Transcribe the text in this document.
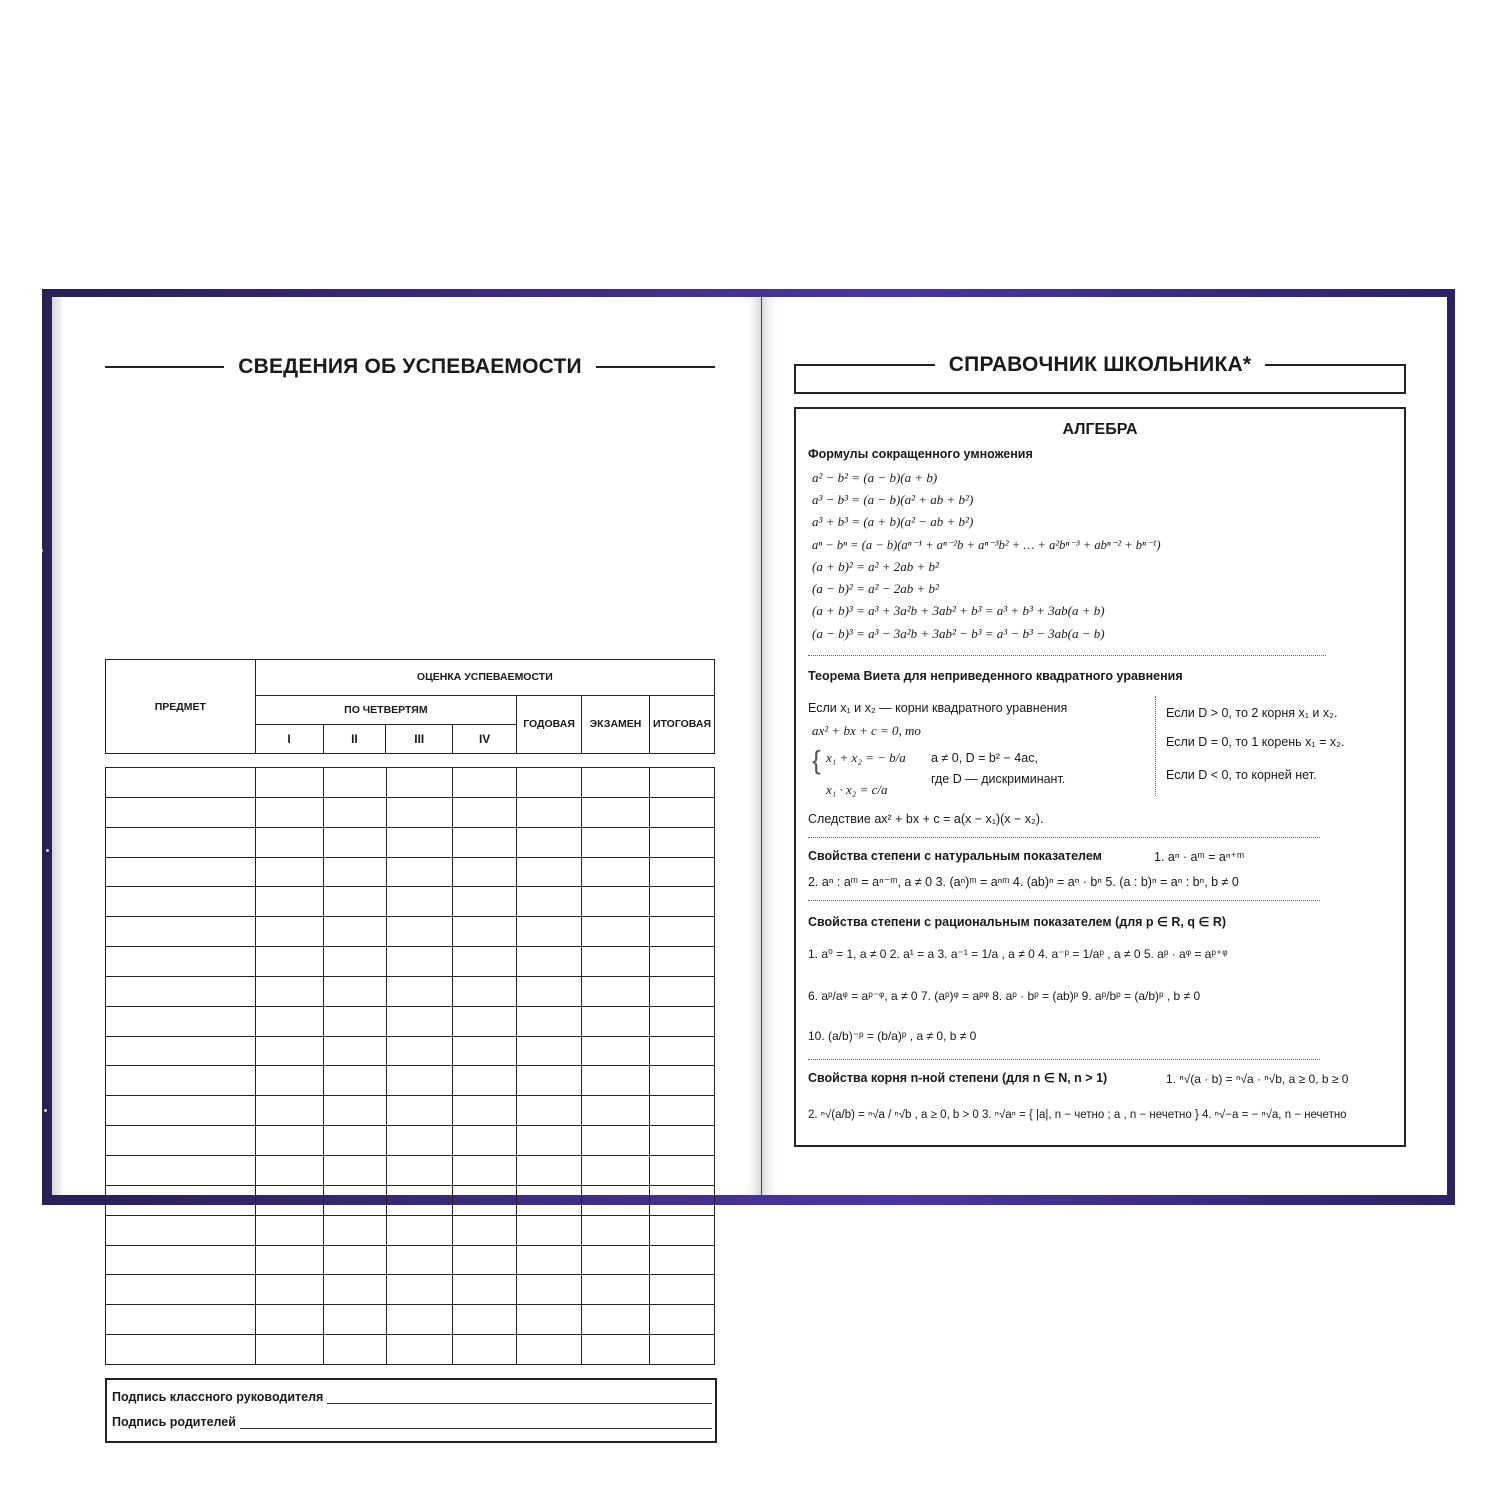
СВЕДЕНИЯ ОБ УСПЕВАЕМОСТИ
ПРЕДМЕТ	ОЦЕНКА УСПЕВАЕМОСТИ						
	ПО ЧЕТВЕРТЯМ				ГОДОВАЯ	ЭКЗАМЕН	ИТОГОВАЯ
	I	II	III	IV			

Подпись классного руководителя
Подпись родителей
СПРАВОЧНИК ШКОЛЬНИКА*
АЛГЕБРА
Формулы сокращенного умножения
a² − b² = (a − b)(a + b)
a³ − b³ = (a − b)(a² + ab + b²)
a³ + b³ = (a + b)(a² − ab + b²)
aⁿ − bⁿ = (a − b)(aⁿ⁻¹ + aⁿ⁻²b + aⁿ⁻³b² + … + a²bⁿ⁻³ + abⁿ⁻² + bⁿ⁻¹)
(a + b)² = a² + 2ab + b²
(a − b)² = a² − 2ab + b²
(a + b)³ = a³ + 3a²b + 3ab² + b³ = a³ + b³ + 3ab(a + b)
(a − b)³ = a³ − 3a²b + 3ab² − b³ = a³ − b³ − 3ab(a − b)
Теорема Виета для неприведенного квадратного уравнения
Если x₁ и x₂ — корни квадратного уравнения
ax² + bx + c = 0, то
{ x₁ + x₂ = − b/a
x₁ · x₂ = c/a
a ≠ 0, D = b² − 4ac,
где D — дискриминант.
Если D > 0, то 2 корня x₁ и x₂.
Если D = 0, то 1 корень x₁ = x₂.
Если D < 0, то корней нет.
Следствие ax² + bx + c = a(x − x₁)(x − x₂).
Свойства степени с натуральным показателем	1. aⁿ · aᵐ = aⁿ⁺ᵐ
2. aⁿ : aᵐ = aⁿ⁻ᵐ, a ≠ 0 3. (aⁿ)ᵐ = aⁿᵐ 4. (ab)ⁿ = aⁿ · bⁿ 5. (a : b)ⁿ = aⁿ : bⁿ, b ≠ 0
Свойства степени с рациональным показателем (для p ∈ R, q ∈ R)
1. a⁰ = 1, a ≠ 0 2. a¹ = a 3. a⁻¹ = 1/a , a ≠ 0 4. a⁻ᵖ = 1/aᵖ , a ≠ 0 5. aᵖ · aᵠ = aᵖ⁺ᵠ
6. aᵖ/aᵠ = aᵖ⁻ᵠ, a ≠ 0 7. (aᵖ)ᵠ = aᵖᵠ 8. aᵖ · bᵖ = (ab)ᵖ 9. aᵖ/bᵖ = (a/b)ᵖ , b ≠ 0
10. (a/b)⁻ᵖ = (b/a)ᵖ , a ≠ 0, b ≠ 0
Свойства корня n-ной степени (для n ∈ N, n > 1)	1. ⁿ√(a · b) = ⁿ√a · ⁿ√b, a ≥ 0, b ≥ 0
2. ⁿ√(a/b) = ⁿ√a / ⁿ√b , a ≥ 0, b > 0 3. ⁿ√aⁿ = { |a|, n − четно ; a , n − нечетно } 4. ⁿ√−a = − ⁿ√a, n − нечетно
